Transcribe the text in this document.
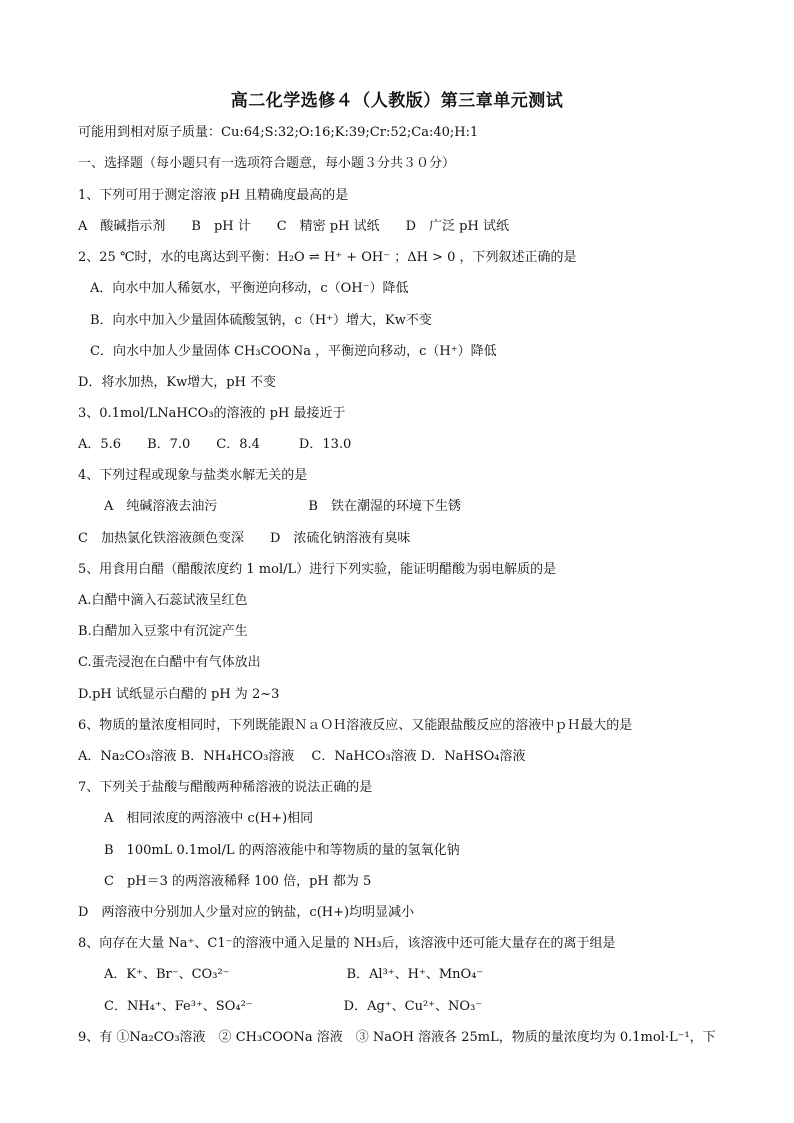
高二化学选修４（人教版）第三章单元测试
可能用到相对原子质量：Cu:64;S:32;O:16;K:39;Cr:52;Ca:40;H:1
一、选择题（每小题只有一选项符合题意，每小题３分共３０分）
1、下列可用于测定溶液 pH 且精确度最高的是
A　酸碱指示剂　　B　pH 计　　C　精密 pH 试纸　　D　广泛 pH 试纸
2、25 ℃时，水的电离达到平衡：H₂O ⇌ H⁺ + OH⁻ ；ΔH > 0 ，下列叙述正确的是
A．向水中加人稀氨水，平衡逆向移动，c（OH⁻）降低
B．向水中加入少量固体硫酸氢钠，c（H⁺）增大，Kw不变
C．向水中加人少量固体 CH₃COONa ，平衡逆向移动，c（H⁺）降低
D．将水加热，Kw增大，pH 不变
3、0.1mol/LNaHCO₃的溶液的 pH 最接近于
A．5.6　　B．7.0　　C．8.4　　　D．13.0
4、下列过程或现象与盐类水解无关的是
A　纯碱溶液去油污　　　　　　　B　铁在潮湿的环境下生锈
C　加热氯化铁溶液颜色变深　　D　浓硫化钠溶液有臭味
5、用食用白醋（醋酸浓度约 1 mol/L）进行下列实验，能证明醋酸为弱电解质的是
A.白醋中滴入石蕊试液呈红色
B.白醋加入豆浆中有沉淀产生
C.蛋壳浸泡在白醋中有气体放出
D.pH 试纸显示白醋的 pH 为 2~3
6、物质的量浓度相同时，下列既能跟ＮａＯＨ溶液反应、又能跟盐酸反应的溶液中ｐＨ最大的是
A．Na₂CO₃溶液 B．NH₄HCO₃溶液　 C．NaHCO₃溶液 D．NaHSO₄溶液
7、下列关于盐酸与醋酸两种稀溶液的说法正确的是
A　相同浓度的两溶液中 c(H+)相同
B　100mL 0.1mol/L 的两溶液能中和等物质的量的氢氧化钠
C　pH＝3 的两溶液稀释 100 倍，pH 都为 5
D　两溶液中分别加人少量对应的钠盐，c(H+)均明显减小
8、向存在大量 Na⁺、C1⁻的溶液中通入足量的 NH₃后，该溶液中还可能大量存在的离于组是
A．K⁺、Br⁻、CO₃²⁻　　　　　　　　　B．Al³⁺、H⁺、MnO₄⁻
C．NH₄⁺、Fe³⁺、SO₄²⁻　　　　　　　D．Ag⁺、Cu²⁺、NO₃⁻
9、有 ①Na₂CO₃溶液　② CH₃COONa 溶液　③ NaOH 溶液各 25mL，物质的量浓度均为 0.1mol·L⁻¹，下
